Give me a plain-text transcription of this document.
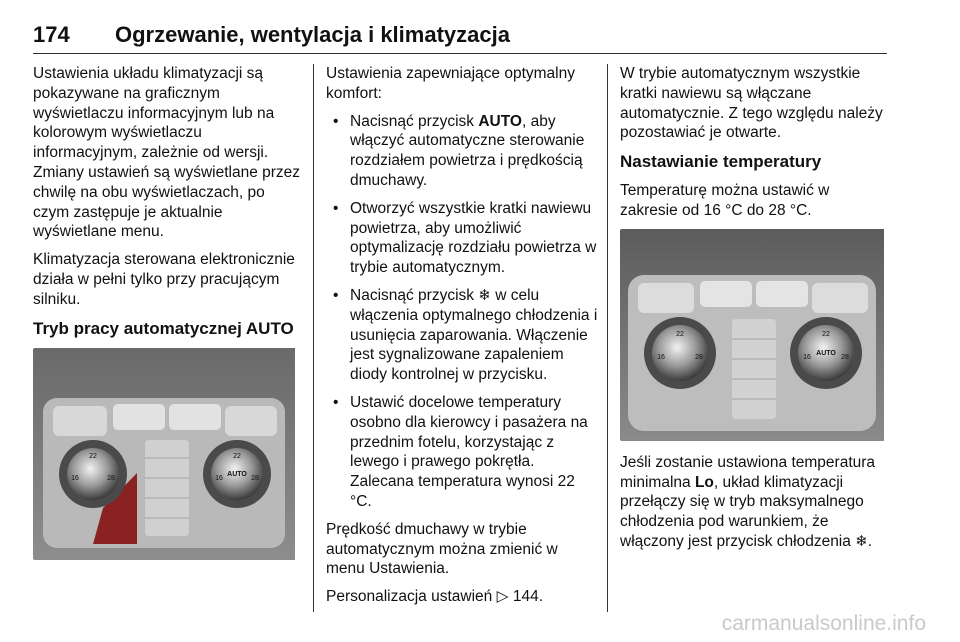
174 Ogrzewanie, wentylacja i klimatyzacja

Ustawienia układu klimatyzacji są pokazywane na graficznym wyświetlaczu informacyjnym lub na kolorowym wyświetlaczu informacyjnym, zależnie od wersji. Zmiany ustawień są wyświetlane przez chwilę na obu wyświetlaczach, po czym zastępuje je aktualnie wyświetlane menu.

Klimatyzacja sterowana elektronicznie działa w pełni tylko przy pracującym silniku.

Tryb pracy automatycznej AUTO
22
16	28
22
16	28
AUTO

Ustawienia zapewniające optymalny komfort:

• Nacisnąć przycisk AUTO, aby włączyć automatyczne sterowanie rozdziałem powietrza i prędkością dmuchawy.
• Otworzyć wszystkie kratki nawiewu powietrza, aby umożliwić optymalizację rozdziału powietrza w trybie automatycznym.
• Nacisnąć przycisk ❄ w celu włączenia optymalnego chłodzenia i usunięcia zaparowania. Włączenie jest sygnalizowane zapaleniem diody kontrolnej w przycisku.
• Ustawić docelowe temperatury osobno dla kierowcy i pasażera na przednim fotelu, korzystając z lewego i prawego pokrętła. Zalecana temperatura wynosi 22 °C.

Prędkość dmuchawy w trybie automatycznym można zmienić w menu Ustawienia.

Personalizacja ustawień ▷ 144.

W trybie automatycznym wszystkie kratki nawiewu są włączane automatycznie. Z tego względu należy pozostawiać je otwarte.

Nastawianie temperatury

Temperaturę można ustawić w zakresie od 16 °C do 28 °C.

22
16	28
22
16	28
AUTO

Jeśli zostanie ustawiona temperatura minimalna Lo, układ klimatyzacji przełączy się w tryb maksymalnego chłodzenia pod warunkiem, że włączony jest przycisk chłodzenia ❄.

carmanualsonline.info
